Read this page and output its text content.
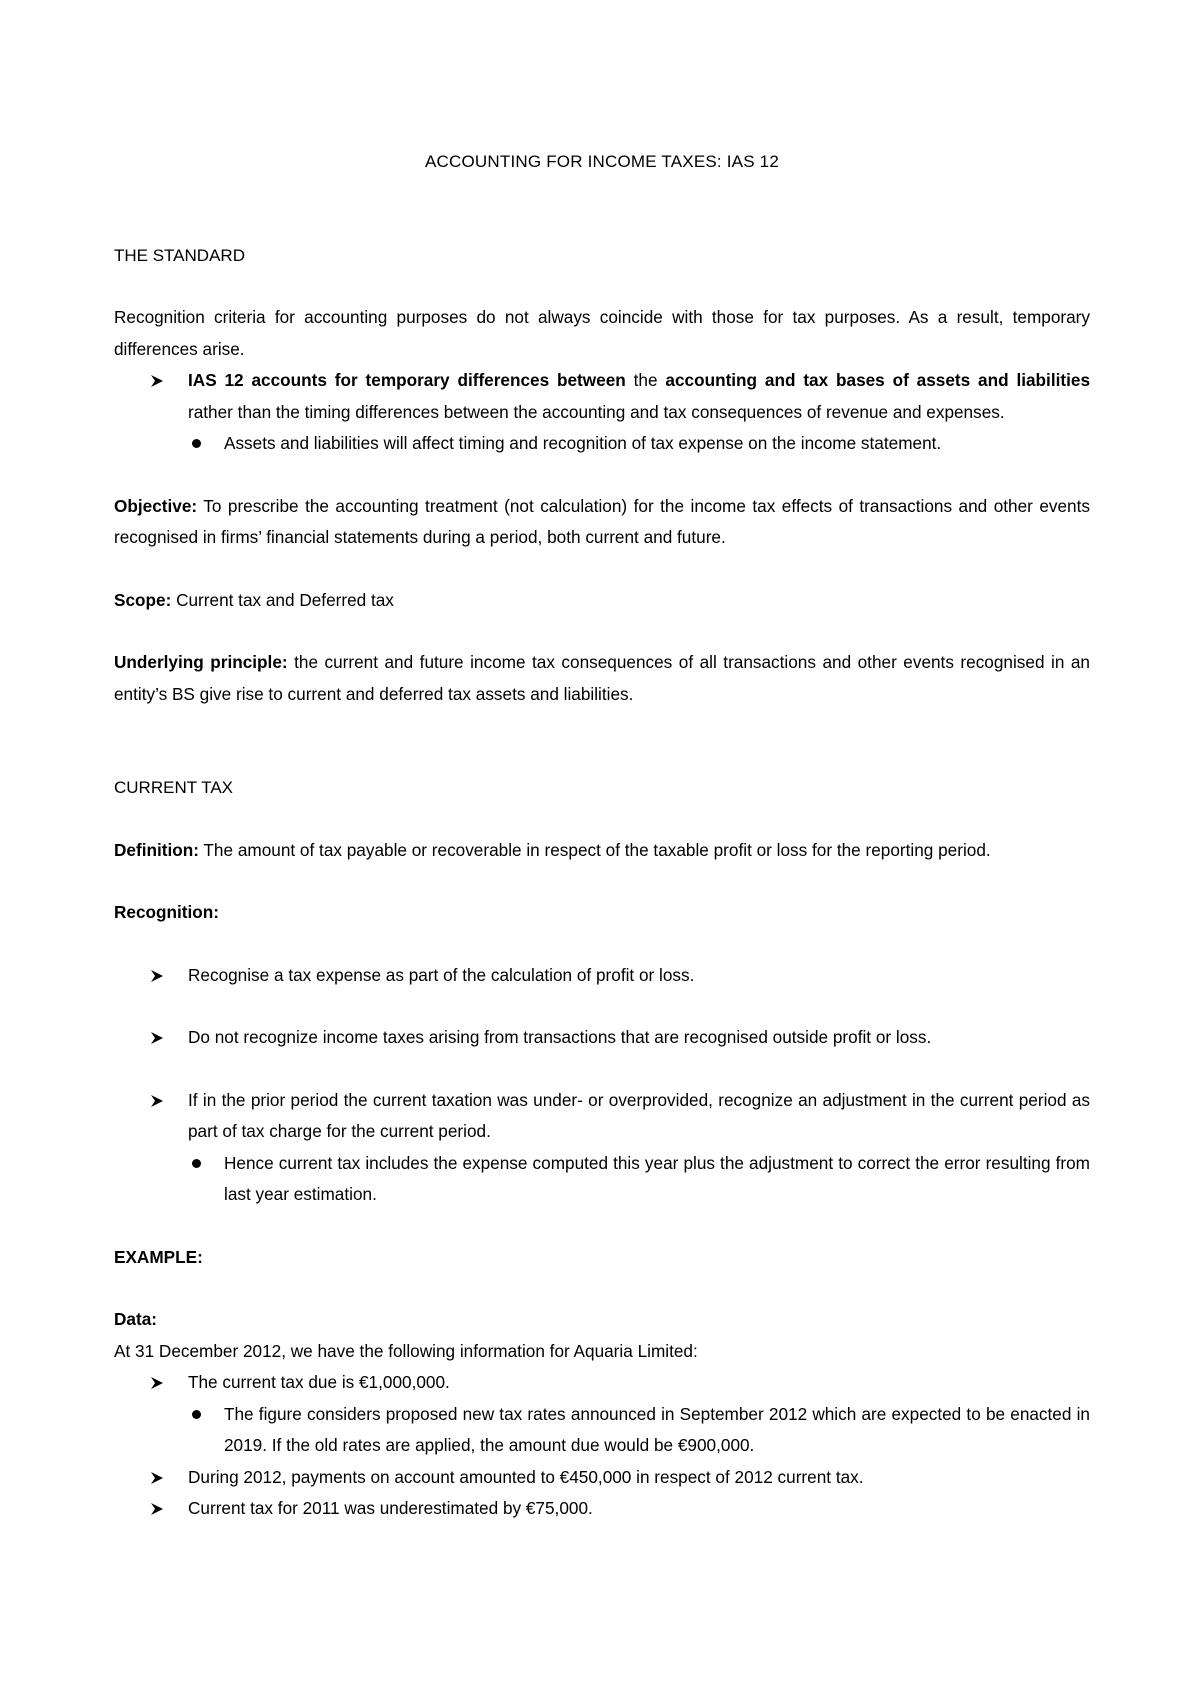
ACCOUNTING FOR INCOME TAXES: IAS 12
THE STANDARD

Recognition criteria for accounting purposes do not always coincide with those for tax purposes. As a result, temporary differences arise.

IAS 12 accounts for temporary differences between the accounting and tax bases of assets and liabilities rather than the timing differences between the accounting and tax consequences of revenue and expenses.
Assets and liabilities will affect timing and recognition of tax expense on the income statement.

Objective: To prescribe the accounting treatment (not calculation) for the income tax effects of transactions and other events recognised in firms’ financial statements during a period, both current and future.

Scope: Current tax and Deferred tax

Underlying principle: the current and future income tax consequences of all transactions and other events recognised in an entity’s BS give rise to current and deferred tax assets and liabilities.

CURRENT TAX

Definition: The amount of tax payable or recoverable in respect of the taxable profit or loss for the reporting period.

Recognition:

Recognise a tax expense as part of the calculation of profit or loss.
Do not recognize income taxes arising from transactions that are recognised outside profit or loss.
If in the prior period the current taxation was under- or overprovided, recognize an adjustment in the current period as part of tax charge for the current period.
Hence current tax includes the expense computed this year plus the adjustment to correct the error resulting from last year estimation.

EXAMPLE:

Data:

At 31 December 2012, we have the following information for Aquaria Limited:

The current tax due is €1,000,000.
The figure considers proposed new tax rates announced in September 2012 which are expected to be enacted in 2019. If the old rates are applied, the amount due would be €900,000.
During 2012, payments on account amounted to €450,000 in respect of 2012 current tax.
Current tax for 2011 was underestimated by €75,000.
